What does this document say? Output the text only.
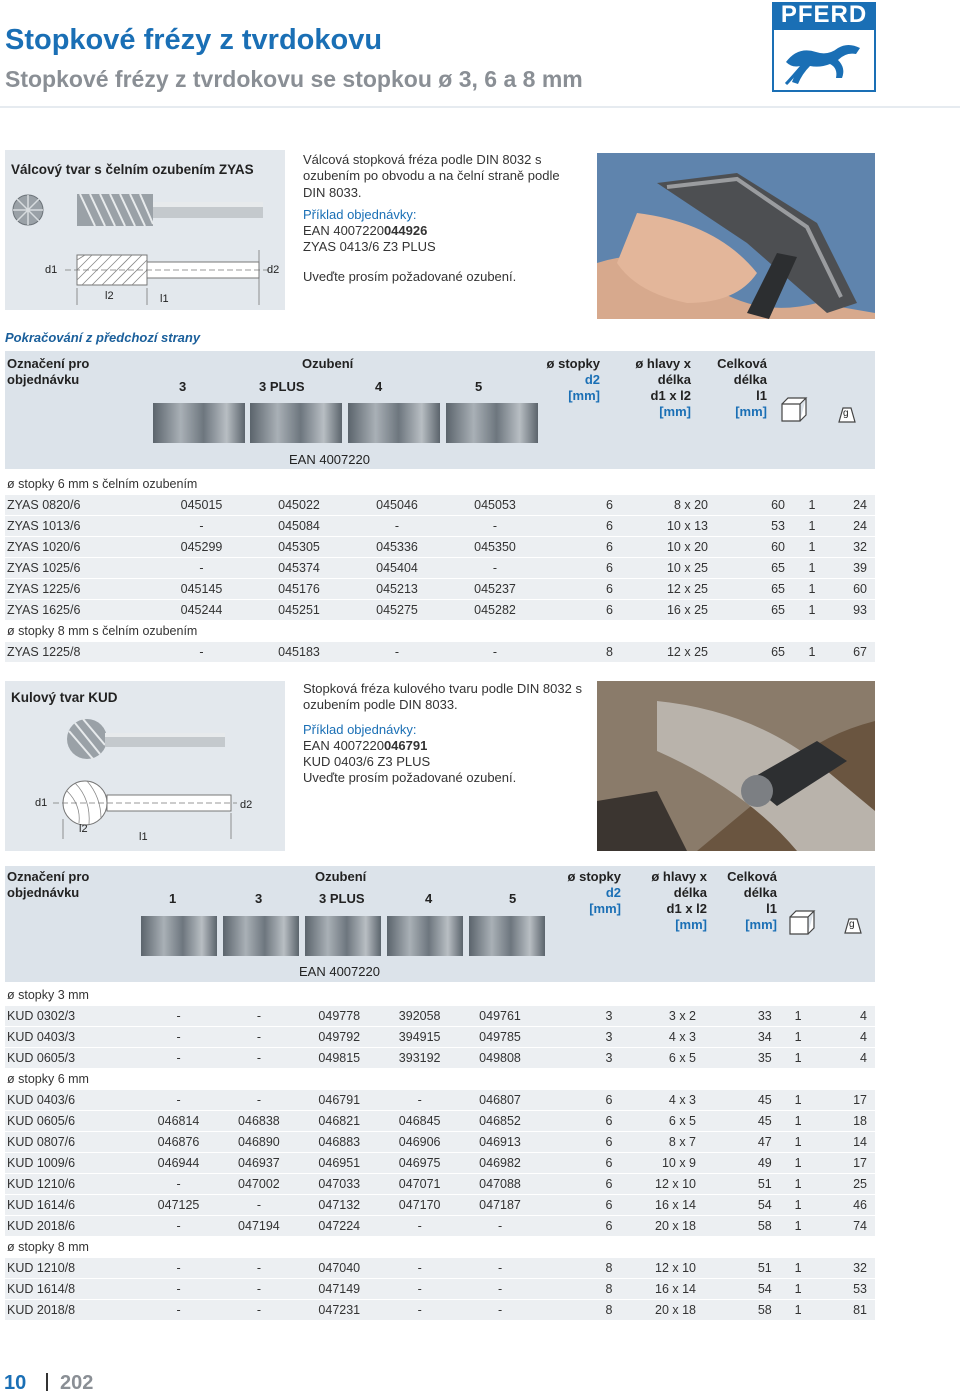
Stopkové frézy z tvrdokovu
Stopkové frézy z tvrdokovu se stopkou ø 3, 6 a 8 mm
PFERD
Válcový tvar s čelním ozubením ZYAS
d1	d2
l2	l1
Válcová stopková fréza podle DIN 8032 s ozubením po obvodu a na čelní straně podle DIN 8033.
Příklad objednávky:
EAN 4007220044926
ZYAS 0413/6 Z3 PLUS
Uveďte prosím požadované ozubení.
Pokračování z předchozí strany
Označení pro objednávku
Ozubení
3	3 PLUS	4	5
ø stopky
d2
[mm]
ø hlavy x délka
d1 x l2
[mm]
Celková délka
l1
[mm]	g
EAN 4007220
ø stopky 6 mm s čelním ozubením									
ZYAS 0820/6	045015	045022	045046	045053	6	8 x 20	60	1	24
ZYAS 1013/6	-	045084	-	-	6	10 x 13	53	1	24
ZYAS 1020/6	045299	045305	045336	045350	6	10 x 20	60	1	32
ZYAS 1025/6	-	045374	045404	-	6	10 x 25	65	1	39
ZYAS 1225/6	045145	045176	045213	045237	6	12 x 25	65	1	60
ZYAS 1625/6	045244	045251	045275	045282	6	16 x 25	65	1	93
ø stopky 8 mm s čelním ozubením									
ZYAS 1225/8	-	045183	-	-	8	12 x 25	65	1	67
Kulový tvar KUD
d1	d2
l2
l1
Stopková fréza kulového tvaru podle DIN 8032 s ozubením podle DIN 8033.
Příklad objednávky:
EAN 4007220046791
KUD 0403/6 Z3 PLUS
Uveďte prosím požadované ozubení.
Označení pro objednávku
Ozubení
1	3	3 PLUS	4	5
ø stopky
d2
[mm]
ø hlavy x délka
d1 x l2
[mm]
Celková délka
l1
[mm]	g
EAN 4007220
ø stopky 3 mm										
KUD 0302/3	-	-	049778	392058	049761	3	3 x 2	33	1	4
KUD 0403/3	-	-	049792	394915	049785	3	4 x 3	34	1	4
KUD 0605/3	-	-	049815	393192	049808	3	6 x 5	35	1	4
ø stopky 6 mm										
KUD 0403/6	-	-	046791	-	046807	6	4 x 3	45	1	17
KUD 0605/6	046814	046838	046821	046845	046852	6	6 x 5	45	1	18
KUD 0807/6	046876	046890	046883	046906	046913	6	8 x 7	47	1	14
KUD 1009/6	046944	046937	046951	046975	046982	6	10 x 9	49	1	17
KUD 1210/6	-	047002	047033	047071	047088	6	12 x 10	51	1	25
KUD 1614/6	047125	-	047132	047170	047187	6	16 x 14	54	1	46
KUD 2018/6	-	047194	047224	-	-	6	20 x 18	58	1	74
ø stopky 8 mm										
KUD 1210/8	-	-	047040	-	-	8	12 x 10	51	1	32
KUD 1614/8	-	-	047149	-	-	8	16 x 14	54	1	53
KUD 2018/8	-	-	047231	-	-	8	20 x 18	58	1	81
10 202
